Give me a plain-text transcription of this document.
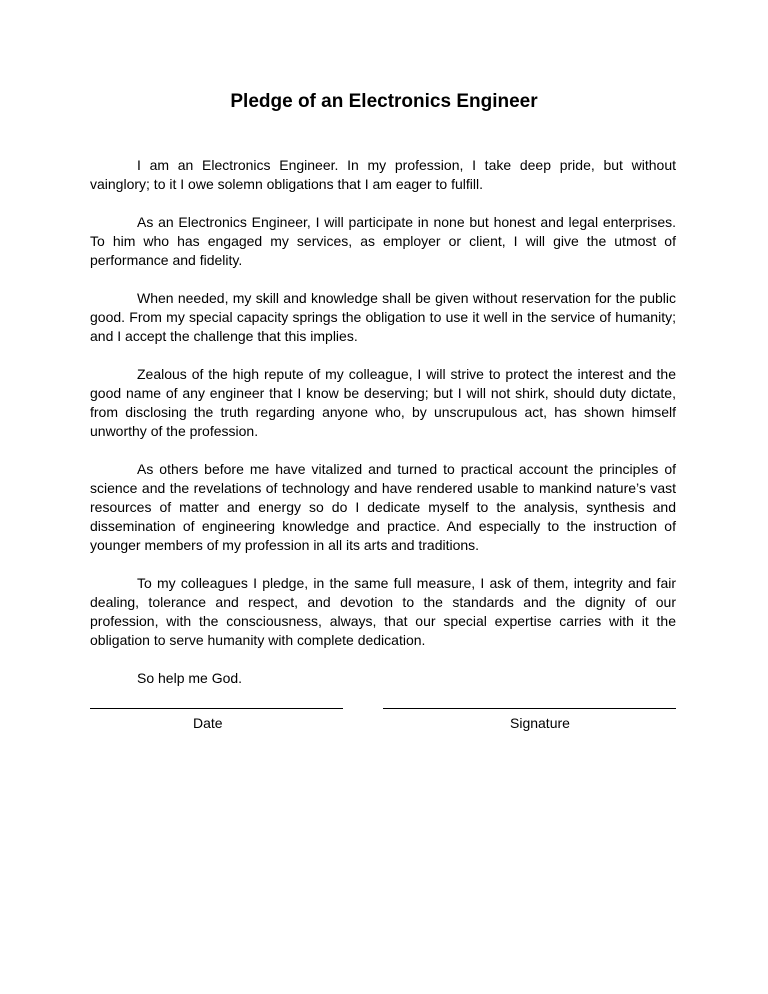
Pledge of an Electronics Engineer

I am an Electronics Engineer. In my profession, I take deep pride, but without vainglory; to it I owe solemn obligations that I am eager to fulfill.

As an Electronics Engineer, I will participate in none but honest and legal enterprises. To him who has engaged my services, as employer or client, I will give the utmost of performance and fidelity.

When needed, my skill and knowledge shall be given without reservation for the public good. From my special capacity springs the obligation to use it well in the service of humanity; and I accept the challenge that this implies.

Zealous of the high repute of my colleague, I will strive to protect the interest and the good name of any engineer that I know be deserving; but I will not shirk, should duty dictate, from disclosing the truth regarding anyone who, by unscrupulous act, has shown himself unworthy of the profession.

As others before me have vitalized and turned to practical account the principles of science and the revelations of technology and have rendered usable to mankind nature’s vast resources of matter and energy so do I dedicate myself to the analysis, synthesis and dissemination of engineering knowledge and practice. And especially to the instruction of younger members of my profession in all its arts and traditions.

To my colleagues I pledge, in the same full measure, I ask of them, integrity and fair dealing, tolerance and respect, and devotion to the standards and the dignity of our profession, with the consciousness, always, that our special expertise carries with it the obligation to serve humanity with complete dedication.

So help me God.

Date	Signature
